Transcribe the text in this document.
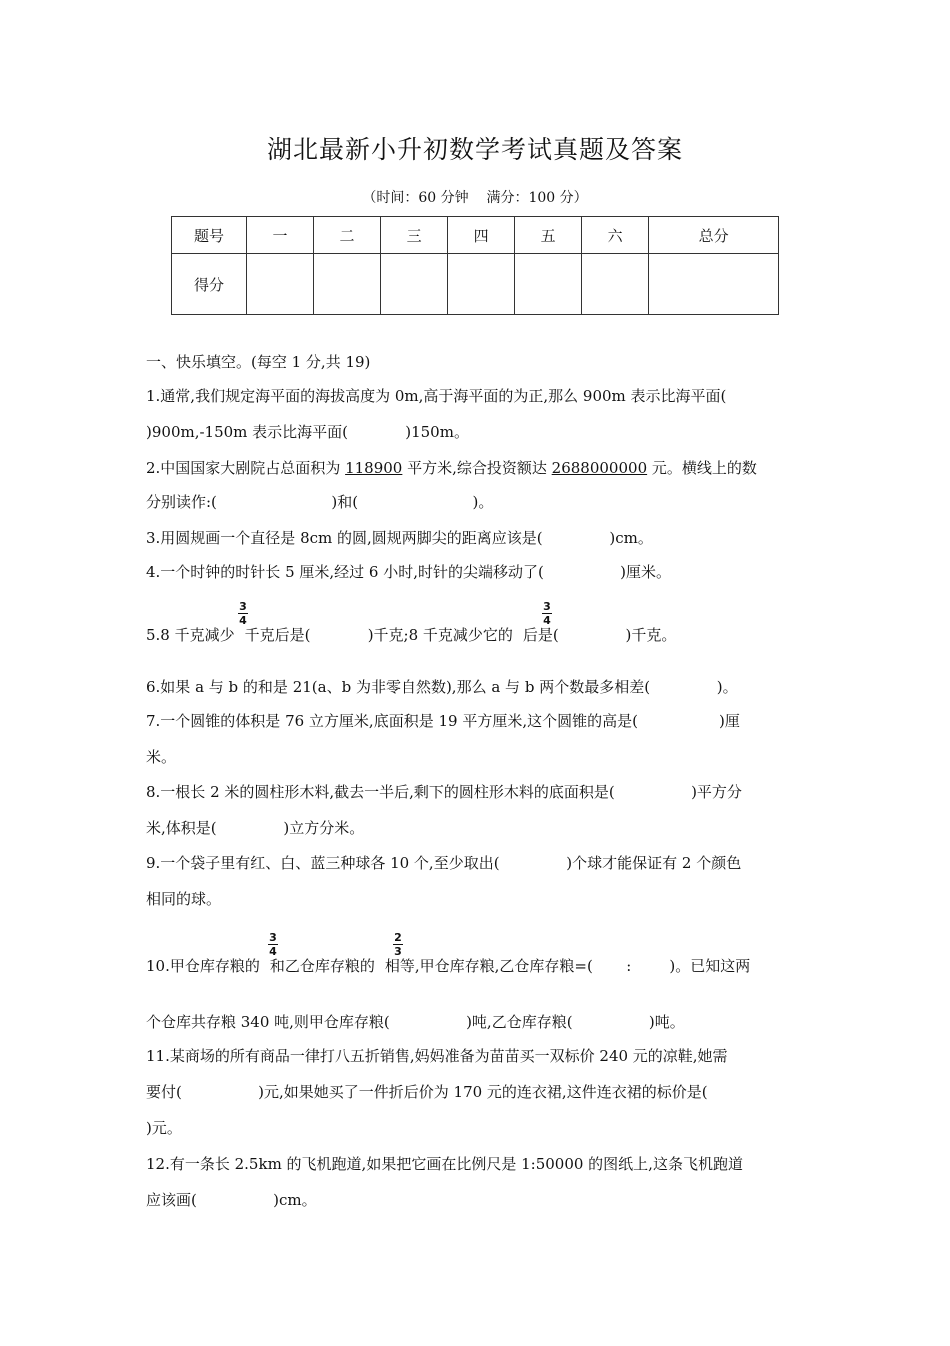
湖北最新小升初数学考试真题及答案
（时间：60 分钟    满分：100 分）
题号	一	二	三	四	五	六	总分
得分							
一、快乐填空。(每空 1 分,共 19)
1.通常,我们规定海平面的海拔高度为 0m,高于海平面的为正,那么 900m 表示比海平面(
)900m,-150m 表示比海平面(            )150m。
2.中国国家大剧院占总面积为 118900 平方米,综合投资额达 2688000000 元。横线上的数
分别读作:(                        )和(                        )。
3.用圆规画一个直径是 8cm 的圆,圆规两脚尖的距离应该是(              )cm。
4.一个时钟的时针长 5 厘米,经过 6 小时,时针的尖端移动了(                )厘米。
5.8 千克减少 千克后是(            )千克;8 千克减少它的 后是(              )千克。
3
4
3
4
6.如果 a 与 b 的和是 21(a、b 为非零自然数),那么 a 与 b 两个数最多相差(              )。
7.一个圆锥的体积是 76 立方厘米,底面积是 19 平方厘米,这个圆锥的高是(                 )厘
米。
8.一根长 2 米的圆柱形木料,截去一半后,剩下的圆柱形木料的底面积是(                )平方分
米,体积是(              )立方分米。
9.一个袋子里有红、白、蓝三种球各 10 个,至少取出(              )个球才能保证有 2 个颜色
相同的球。
10.甲仓库存粮的 和乙仓库存粮的 相等,甲仓库存粮,乙仓库存粮=(       :        )。已知这两
3
4
2
3
个仓库共存粮 340 吨,则甲仓库存粮(                )吨,乙仓库存粮(                )吨。
11.某商场的所有商品一律打八五折销售,妈妈准备为苗苗买一双标价 240 元的凉鞋,她需
要付(                )元,如果她买了一件折后价为 170 元的连衣裙,这件连衣裙的标价是(
)元。
12.有一条长 2.5km 的飞机跑道,如果把它画在比例尺是 1:50000 的图纸上,这条飞机跑道
应该画(                )cm。
